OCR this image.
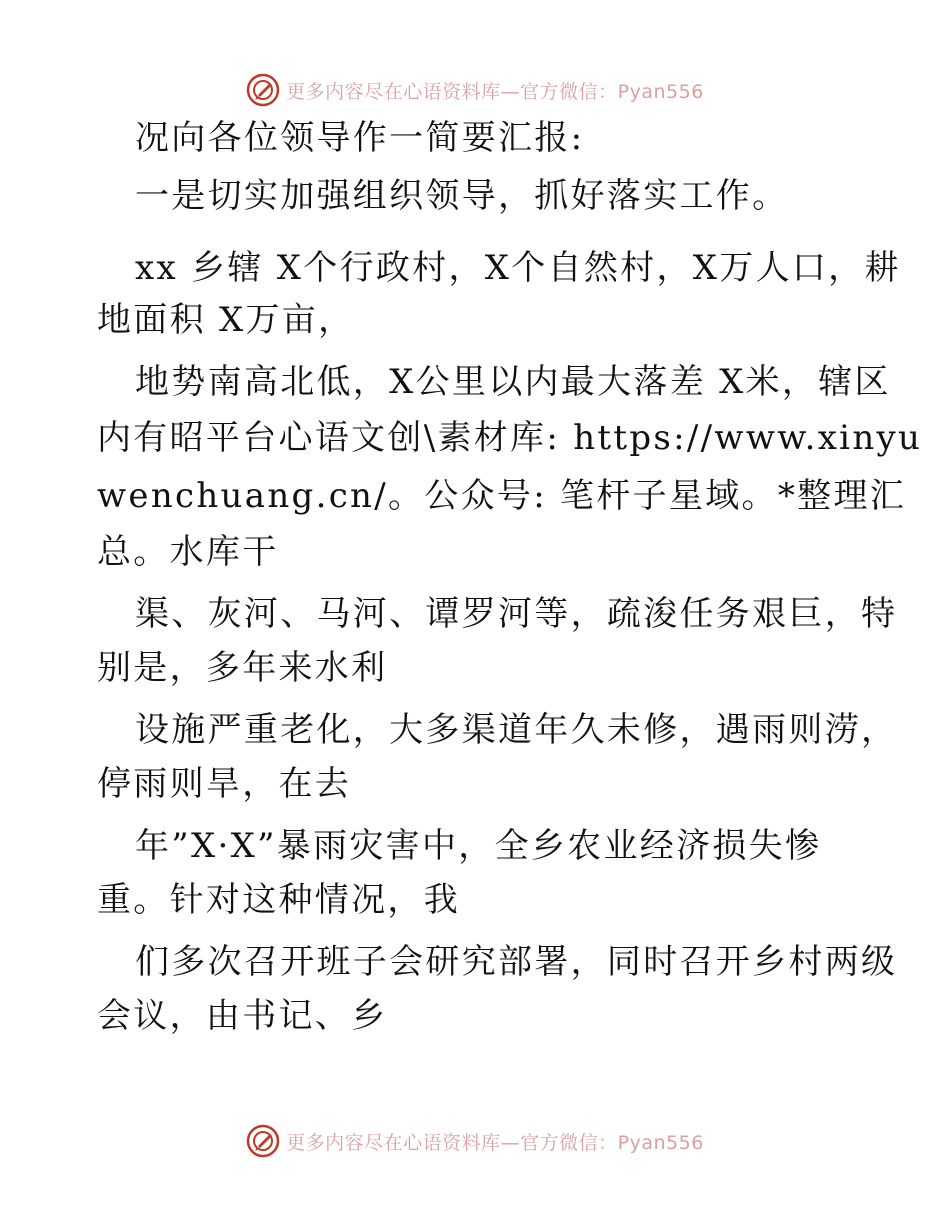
更多内容尽在心语资料库—官方微信：Pyan556
况向各位领导作一简要汇报:
一是切实加强组织领导，抓好落实工作。
xx 乡辖 X个行政村，X个自然村，X万人口，耕
地面积 X万亩，
地势南高北低，X公里以内最大落差 X米，辖区
内有昭平台心语文创\素材库: https://www.xinyu
wenchuang.cn/。公众号: 笔杆子星域。*整理汇
总。水库干
渠、灰河、马河、谭罗河等，疏浚任务艰巨，特
别是，多年来水利
设施严重老化，大多渠道年久未修，遇雨则涝，
停雨则旱，在去
年”X·X”暴雨灾害中，全乡农业经济损失惨
重。针对这种情况，我
们多次召开班子会研究部署，同时召开乡村两级
会议，由书记、乡
更多内容尽在心语资料库—官方微信：Pyan556
